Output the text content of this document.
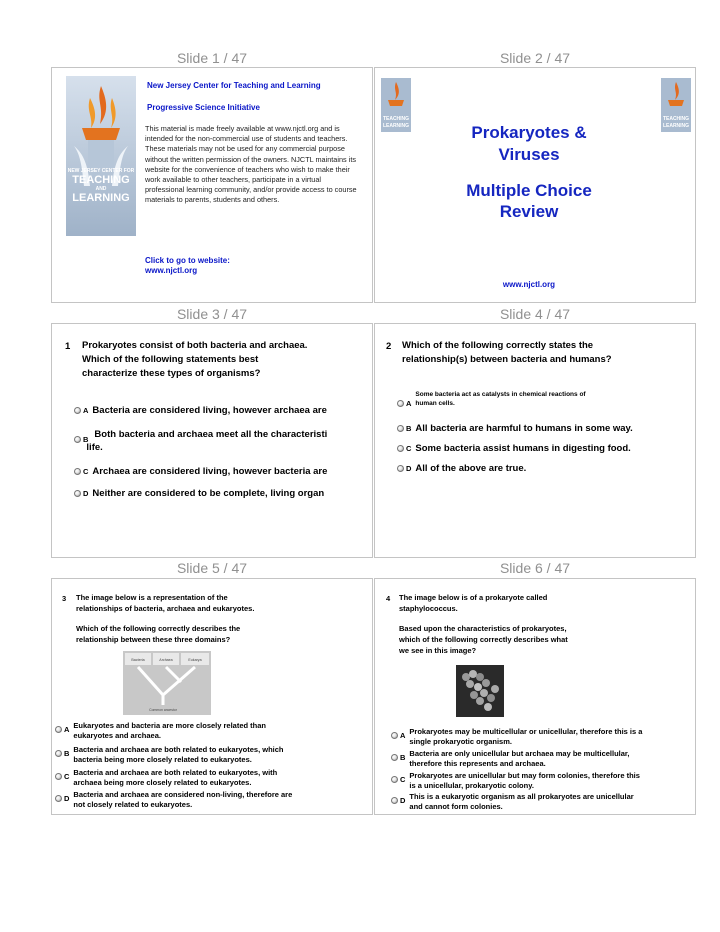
Slide 1 / 47	Slide 2 / 47
Slide 3 / 47	Slide 4 / 47
Slide 5 / 47	Slide 6 / 47
NEW JERSEY CENTER FOR
TEACHING
AND
LEARNING
New Jersey Center for Teaching and Learning
Progressive Science Initiative
This material is made freely available at www.njctl.org and is intended for the non-commercial use of students and teachers. These materials may not be used for any commercial purpose without the written permission of the owners. NJCTL maintains its website for the convenience of teachers who wish to make their work available to other teachers, participate in a virtual professional learning community, and/or provide access to course materials to parents, students and others.
Click to go to website:
www.njctl.org
TEACHING
LEARNING
TEACHING
LEARNING
Prokaryotes &
Viruses
Multiple Choice
Review
www.njctl.org
1 Prokaryotes consist of both bacteria and archaea.
Which of the following statements best
characterize these types of organisms?
A Bacteria are considered living, however archaea are
B Both bacteria and archaea meet all the characteristi
life.
C Archaea are considered living, however bacteria are
D Neither are considered to be complete, living organ
2 Which of the following correctly states the
relationship(s) between bacteria and humans?
A
Some bacteria act as catalysts in chemical reactions of
human cells.
B All bacteria are harmful to humans in some way.
C Some bacteria assist humans in digesting food.
D All of the above are true.
3 The image below is a representation of the
relationships of bacteria, archaea and eukaryotes.
Which of the following correctly describes the
relationship between these three domains?
Bacteria	Archaea	Eukarya
Common ancestor
A Eukaryotes and bacteria are more closely related than eukaryotes and archaea.
B Bacteria and archaea are both related to eukaryotes, which bacteria being more closely related to eukaryotes.
C Bacteria and archaea are both related to eukaryotes, with archaea being more closely related to eukaryotes.
D Bacteria and archaea are considered non-living, therefore are not closely related to eukaryotes.
4 The image below is of a prokaryote called
staphylococcus.
Based upon the characteristics of prokaryotes,
which of the following correctly describes what
we see in this image?
A Prokaryotes may be multicellular or unicellular, therefore this is a single prokaryotic organism.
B Bacteria are only unicellular but archaea may be multicellular, therefore this represents and archaea.
C Prokaryotes are unicellular but may form colonies, therefore this is a unicellular, prokaryotic colony.
D This is a eukaryotic organism as all prokaryotes are unicellular and cannot form colonies.
